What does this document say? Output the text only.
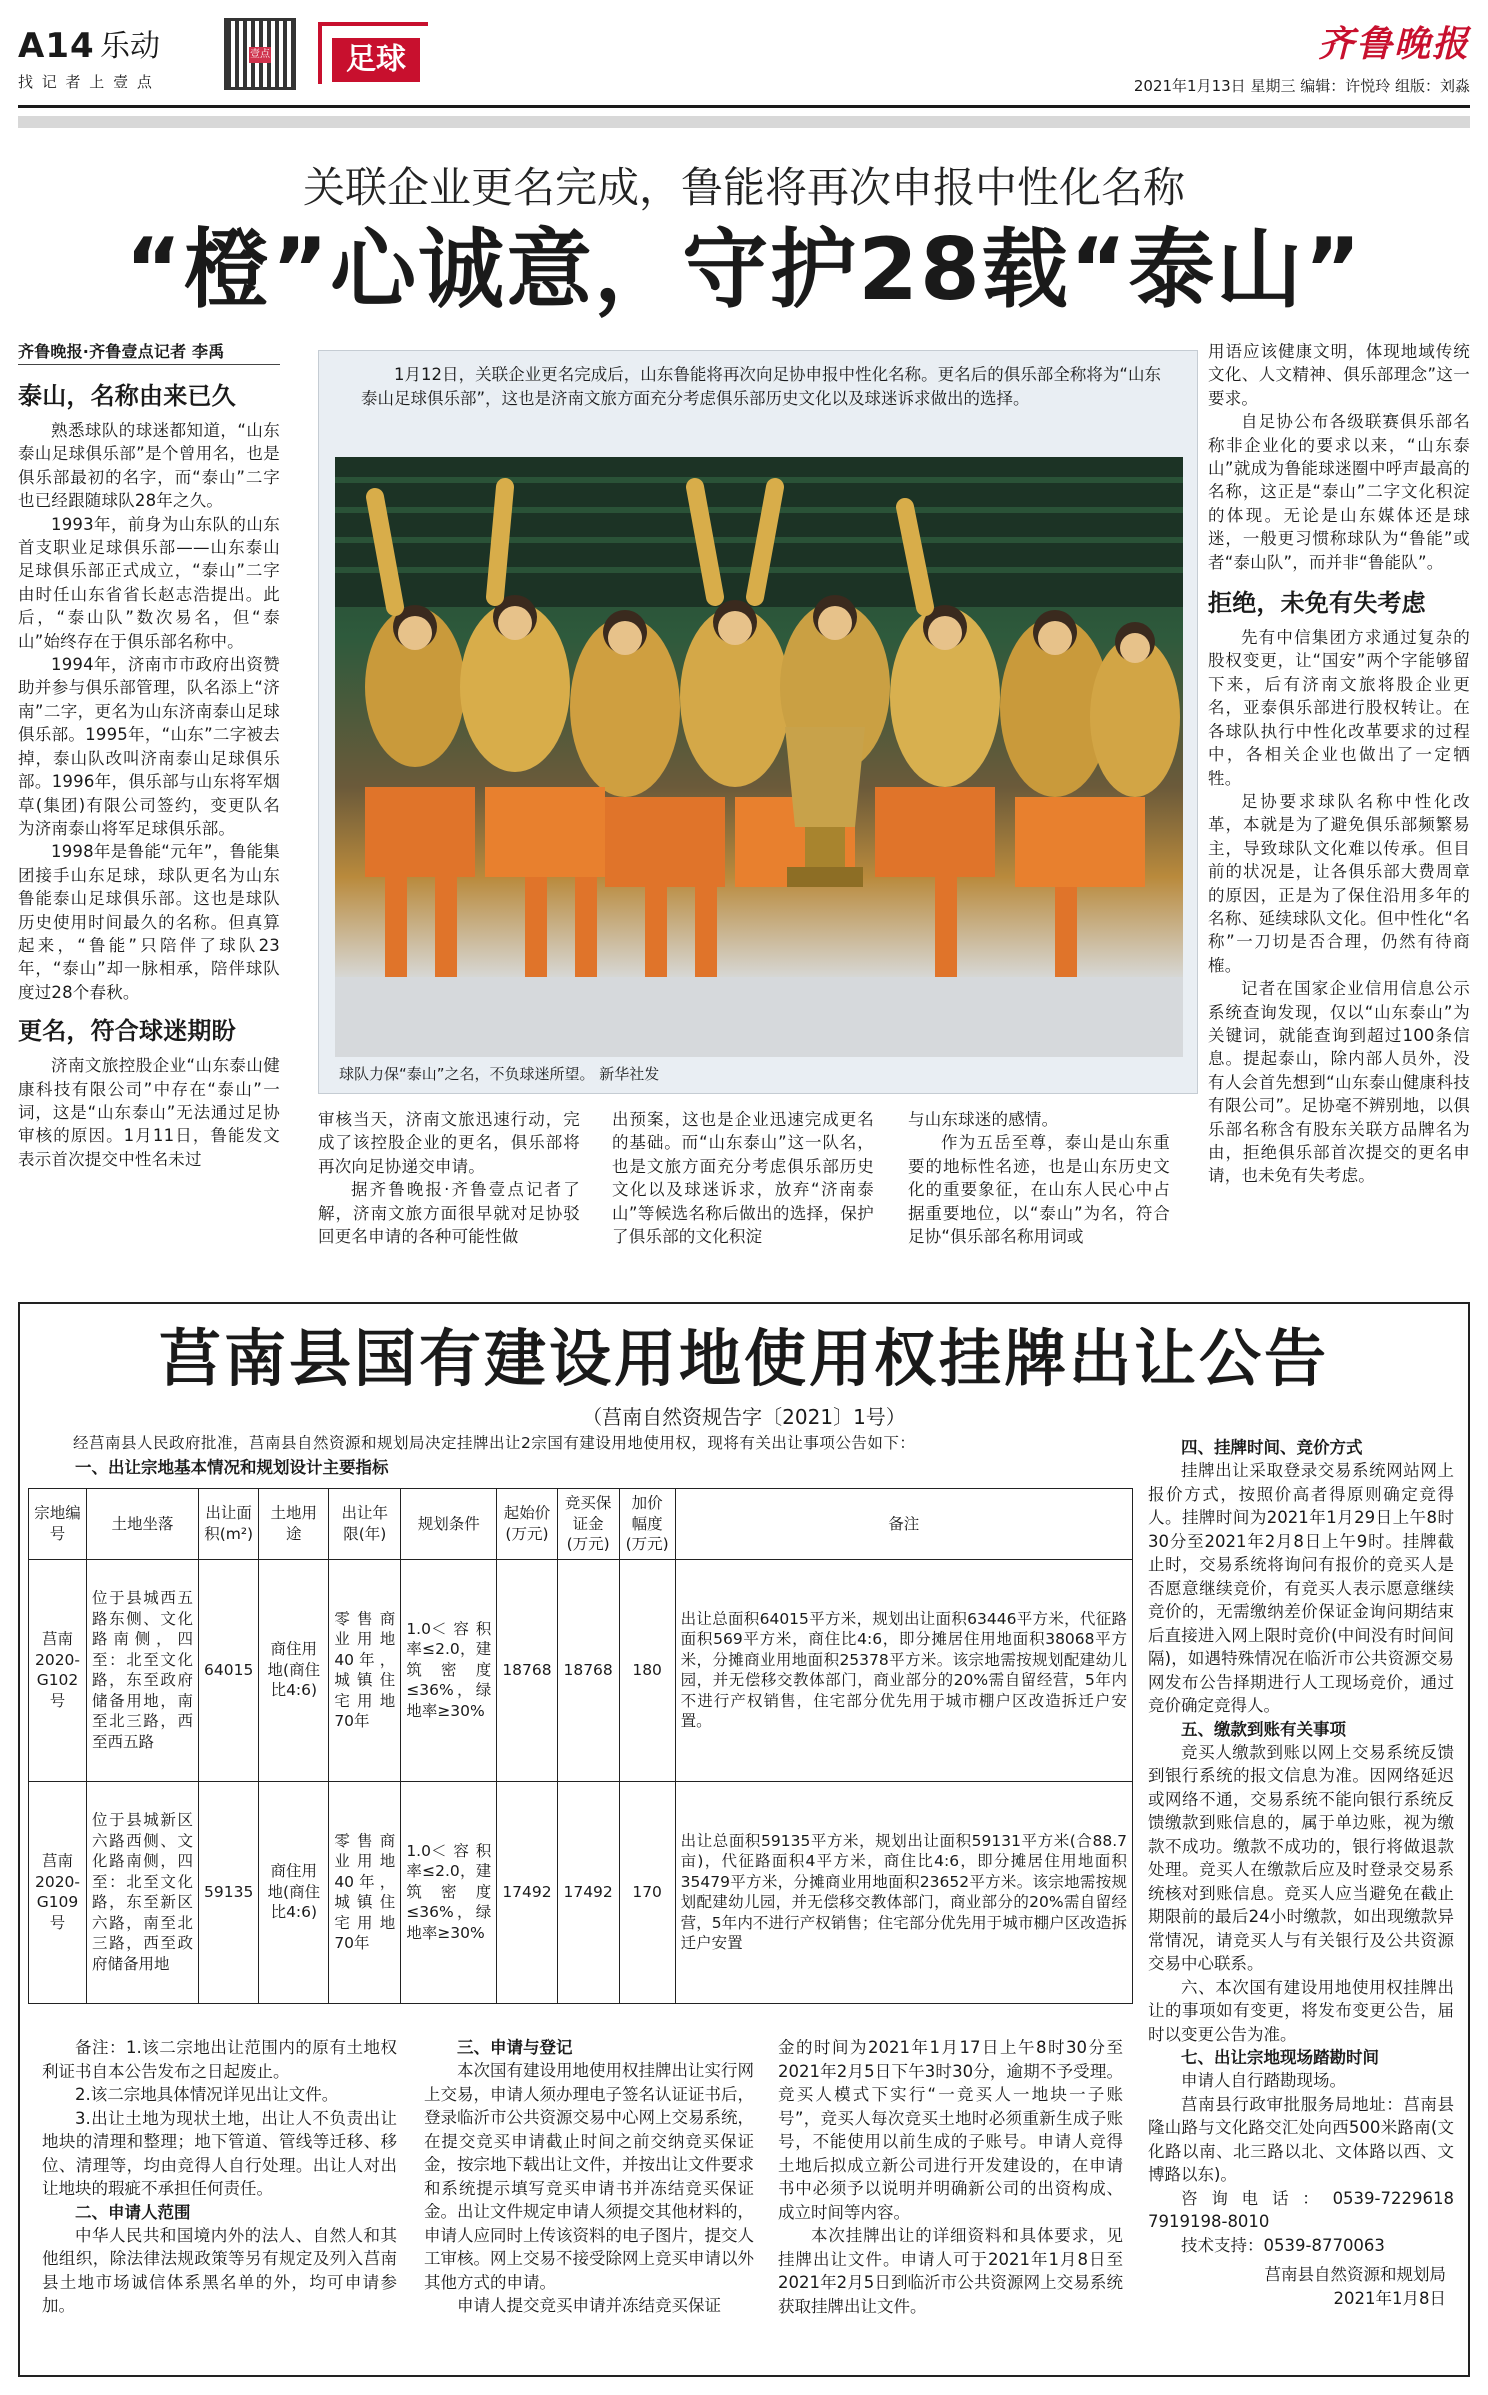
A14 乐动
找 记 者 上 壹 点
壹点	足球	齐鲁晚报
2021年1月13日 星期三 编辑：许悦玲 组版：刘淼
关联企业更名完成，鲁能将再次申报中性化名称
“橙”心诚意，守护28载“泰山”
齐鲁晚报·齐鲁壹点记者 李禹
泰山，名称由来已久

熟悉球队的球迷都知道，“山东泰山足球俱乐部”是个曾用名，也是俱乐部最初的名字，而“泰山”二字也已经跟随球队28年之久。

1993年，前身为山东队的山东首支职业足球俱乐部——山东泰山足球俱乐部正式成立，“泰山”二字由时任山东省省长赵志浩提出。此后，“泰山队”数次易名，但“泰山”始终存在于俱乐部名称中。

1994年，济南市市政府出资赞助并参与俱乐部管理，队名添上“济南”二字，更名为山东济南泰山足球俱乐部。1995年，“山东”二字被去掉，泰山队改叫济南泰山足球俱乐部。1996年，俱乐部与山东将军烟草(集团)有限公司签约，变更队名为济南泰山将军足球俱乐部。

1998年是鲁能“元年”，鲁能集团接手山东足球，球队更名为山东鲁能泰山足球俱乐部。这也是球队历史使用时间最久的名称。但真算起来，“鲁能”只陪伴了球队23年，“泰山”却一脉相承，陪伴球队度过28个春秋。

更名，符合球迷期盼

济南文旅控股企业“山东泰山健康科技有限公司”中存在“泰山”一词，这是“山东泰山”无法通过足协审核的原因。1月11日，鲁能发文表示首次提交中性名未过

1月12日，关联企业更名完成后，山东鲁能将再次向足协申报中性化名称。更名后的俱乐部全称将为“山东泰山足球俱乐部”，这也是济南文旅方面充分考虑俱乐部历史文化以及球迷诉求做出的选择。
球队力保“泰山”之名，不负球迷所望。 新华社发
审核当天，济南文旅迅速行动，完成了该控股企业的更名，俱乐部将再次向足协递交申请。

据齐鲁晚报·齐鲁壹点记者了解，济南文旅方面很早就对足协驳回更名申请的各种可能性做

出预案，这也是企业迅速完成更名的基础。而“山东泰山”这一队名，也是文旅方面充分考虑俱乐部历史文化以及球迷诉求，放弃“济南泰山”等候选名称后做出的选择，保护了俱乐部的文化积淀
与山东球迷的感情。

作为五岳至尊，泰山是山东重要的地标性名迹，也是山东历史文化的重要象征，在山东人民心中占据重要地位，以“泰山”为名，符合足协“俱乐部名称用词或

用语应该健康文明，体现地域传统文化、人文精神、俱乐部理念”这一要求。

自足协公布各级联赛俱乐部名称非企业化的要求以来，“山东泰山”就成为鲁能球迷圈中呼声最高的名称，这正是“泰山”二字文化积淀的体现。无论是山东媒体还是球迷，一般更习惯称球队为“鲁能”或者“泰山队”，而并非“鲁能队”。

拒绝，未免有失考虑

先有中信集团方求通过复杂的股权变更，让“国安”两个字能够留下来，后有济南文旅将股企业更名，亚泰俱乐部进行股权转让。在各球队执行中性化改革要求的过程中，各相关企业也做出了一定牺牲。

足协要求球队名称中性化改革，本就是为了避免俱乐部频繁易主，导致球队文化难以传承。但目前的状况是，让各俱乐部大费周章的原因，正是为了保住沿用多年的名称、延续球队文化。但中性化“名称”一刀切是否合理，仍然有待商榷。

记者在国家企业信用信息公示系统查询发现，仅以“山东泰山”为关键词，就能查询到超过100条信息。提起泰山，除内部人员外，没有人会首先想到“山东泰山健康科技有限公司”。足协毫不辨别地，以俱乐部名称含有股东关联方品牌名为由，拒绝俱乐部首次提交的更名申请，也未免有失考虑。

莒南县国有建设用地使用权挂牌出让公告
（莒南自然资规告字〔2021〕1号）

经莒南县人民政府批准，莒南县自然资源和规划局决定挂牌出让2宗国有建设用地使用权，现将有关出让事项公告如下：

一、出让宗地基本情况和规划设计主要指标
宗地编号	土地坐落	出让面积(m²)	土地用途	出让年限(年)	规划条件	起始价(万元)	竞买保证金(万元)	加价幅度(万元)	备注
莒南2020-G102号	位于县城西五路东侧、文化路南侧，四至：北至文化路，东至政府储备用地，南至北三路，西至西五路	64015	商住用地(商住比4:6)	零售商业用地40年，城镇住宅用地70年	1.0＜容积率≤2.0，建筑密度≤36%，绿地率≥30%	18768	18768	180	出让总面积64015平方米，规划出让面积63446平方米，代征路面积569平方米，商住比4:6，即分摊居住用地面积38068平方米，分摊商业用地面积25378平方米。该宗地需按规划配建幼儿园，并无偿移交教体部门，商业部分的20%需自留经营，5年内不进行产权销售，住宅部分优先用于城市棚户区改造拆迁户安置。
莒南2020-G109号	位于县城新区六路西侧、文化路南侧，四至：北至文化路，东至新区六路，南至北三路，西至政府储备用地	59135	商住用地(商住比4:6)	零售商业用地40年，城镇住宅用地70年	1.0＜容积率≤2.0，建筑密度≤36%，绿地率≥30%	17492	17492	170	出让总面积59135平方米，规划出让面积59131平方米(合88.7亩)，代征路面积4平方米，商住比4:6，即分摊居住用地面积35479平方米，分摊商业用地面积23652平方米。该宗地需按规划配建幼儿园，并无偿移交教体部门，商业部分的20%需自留经营，5年内不进行产权销售；住宅部分优先用于城市棚户区改造拆迁户安置

备注：1.该二宗地出让范围内的原有土地权利证书自本公告发布之日起废止。

2.该二宗地具体情况详见出让文件。

3.出让土地为现状土地，出让人不负责出让地块的清理和整理；地下管道、管线等迁移、移位、清理等，均由竞得人自行处理。出让人对出让地块的瑕疵不承担任何责任。

二、申请人范围

中华人民共和国境内外的法人、自然人和其他组织，除法律法规政策等另有规定及列入莒南县土地市场诚信体系黑名单的外，均可申请参加。

三、申请与登记

本次国有建设用地使用权挂牌出让实行网上交易，申请人须办理电子签名认证证书后，登录临沂市公共资源交易中心网上交易系统，在提交竞买申请截止时间之前交纳竞买保证金，按宗地下载出让文件，并按出让文件要求和系统提示填写竞买申请书并冻结竞买保证金。出让文件规定申请人须提交其他材料的，申请人应同时上传该资料的电子图片，提交人工审核。网上交易不接受除网上竞买申请以外其他方式的申请。

申请人提交竞买申请并冻结竞买保证

金的时间为2021年1月17日上午8时30分至2021年2月5日下午3时30分，逾期不予受理。竞买人模式下实行“一竞买人一地块一子账号”，竞买人每次竞买土地时必须重新生成子账号，不能使用以前生成的子账号。申请人竞得土地后拟成立新公司进行开发建设的，在申请书中必须予以说明并明确新公司的出资构成、成立时间等内容。

本次挂牌出让的详细资料和具体要求，见挂牌出让文件。申请人可于2021年1月8日至2021年2月5日到临沂市公共资源网上交易系统获取挂牌出让文件。

四、挂牌时间、竞价方式

挂牌出让采取登录交易系统网站网上报价方式，按照价高者得原则确定竞得人。挂牌时间为2021年1月29日上午8时30分至2021年2月8日上午9时。挂牌截止时，交易系统将询问有报价的竞买人是否愿意继续竞价，有竞买人表示愿意继续竞价的，无需缴纳差价保证金询问期结束后直接进入网上限时竞价(中间没有时间间隔)，如遇特殊情况在临沂市公共资源交易网发布公告择期进行人工现场竞价，通过竞价确定竞得人。

五、缴款到账有关事项

竞买人缴款到账以网上交易系统反馈到银行系统的报文信息为准。因网络延迟或网络不通，交易系统不能向银行系统反馈缴款到账信息的，属于单边账，视为缴款不成功。缴款不成功的，银行将做退款处理。竞买人在缴款后应及时登录交易系统核对到账信息。竞买人应当避免在截止期限前的最后24小时缴款，如出现缴款异常情况，请竞买人与有关银行及公共资源交易中心联系。

六、本次国有建设用地使用权挂牌出让的事项如有变更，将发布变更公告，届时以变更公告为准。

七、出让宗地现场踏勘时间

申请人自行踏勘现场。

莒南县行政审批服务局地址：莒南县隆山路与文化路交汇处向西500米路南(文化路以南、北三路以北、文体路以西、文博路以东)。

咨询电话：0539-7229618 7919198-8010

技术支持：0539-8770063

莒南县自然资源和规划局
2021年1月8日
